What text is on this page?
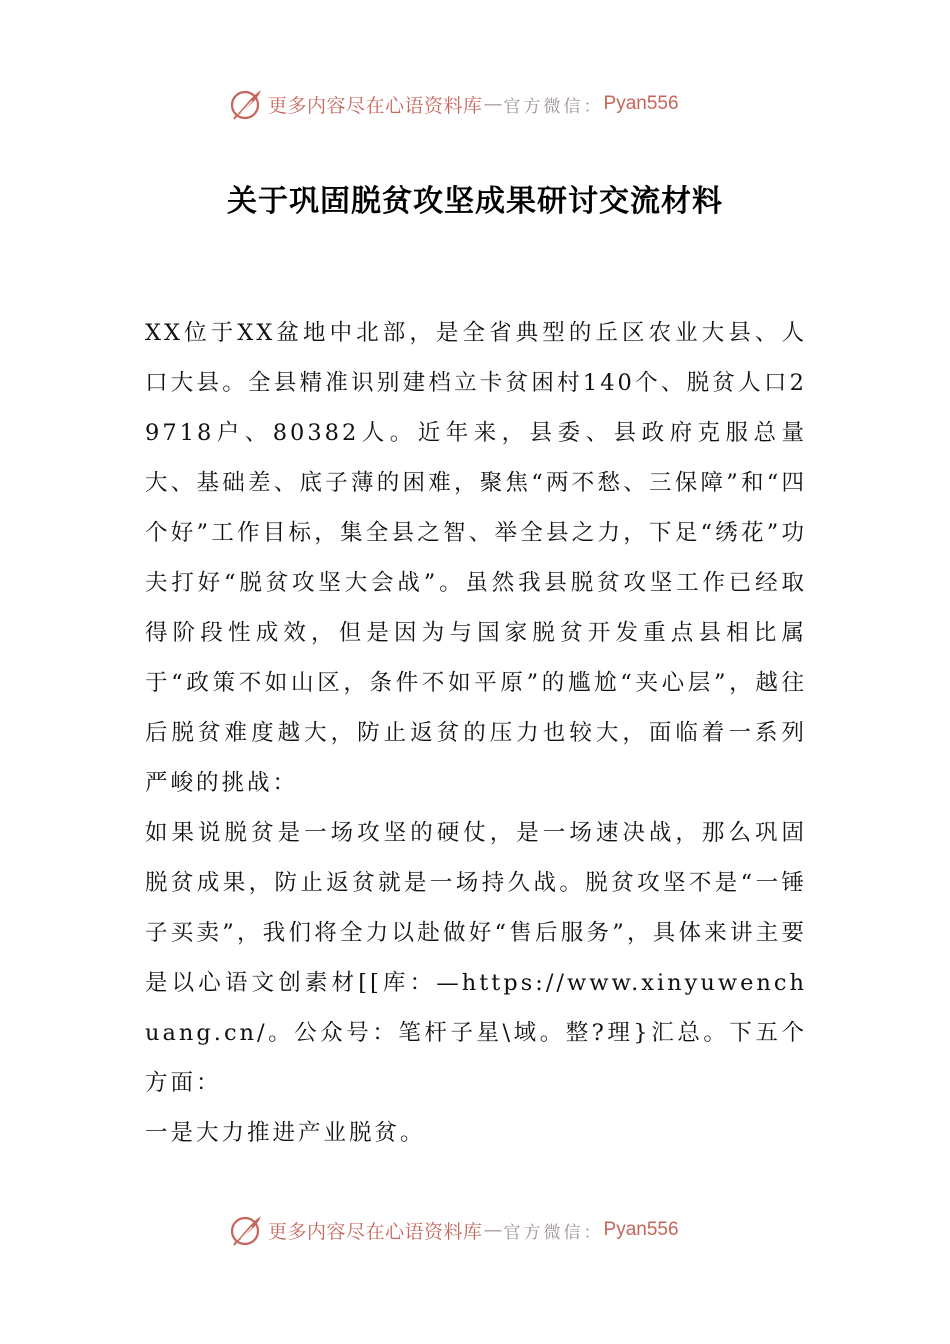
更多内容尽在心语资料库 — 官方微信： Pyan556
关于巩固脱贫攻坚成果研讨交流材料

XX位于XX盆地中北部，是全省典型的丘区农业大县、人口大县。全县精准识别建档立卡贫困村140个、脱贫人口29718户、80382人。近年来，县委、县政府克服总量大、基础差、底子薄的困难，聚焦“两不愁、三保障”和“四个好”工作目标，集全县之智、举全县之力，下足“绣花”功夫打好“脱贫攻坚大会战”。虽然我县脱贫攻坚工作已经取得阶段性成效，但是因为与国家脱贫开发重点县相比属于“政策不如山区，条件不如平原”的尴尬“夹心层”，越往后脱贫难度越大，防止返贫的压力也较大，面临着一系列严峻的挑战：

如果说脱贫是一场攻坚的硬仗，是一场速决战，那么巩固脱贫成果，防止返贫就是一场持久战。脱贫攻坚不是“一锤子买卖”，我们将全力以赴做好“售后服务”，具体来讲主要是以心语文创素材[[库：—https://www.xinyuwenchuang.cn/。公众号：笔杆子星\域。整?理}汇总。下五个方面：

一是大力推进产业脱贫。

更多内容尽在心语资料库 — 官方微信： Pyan556
